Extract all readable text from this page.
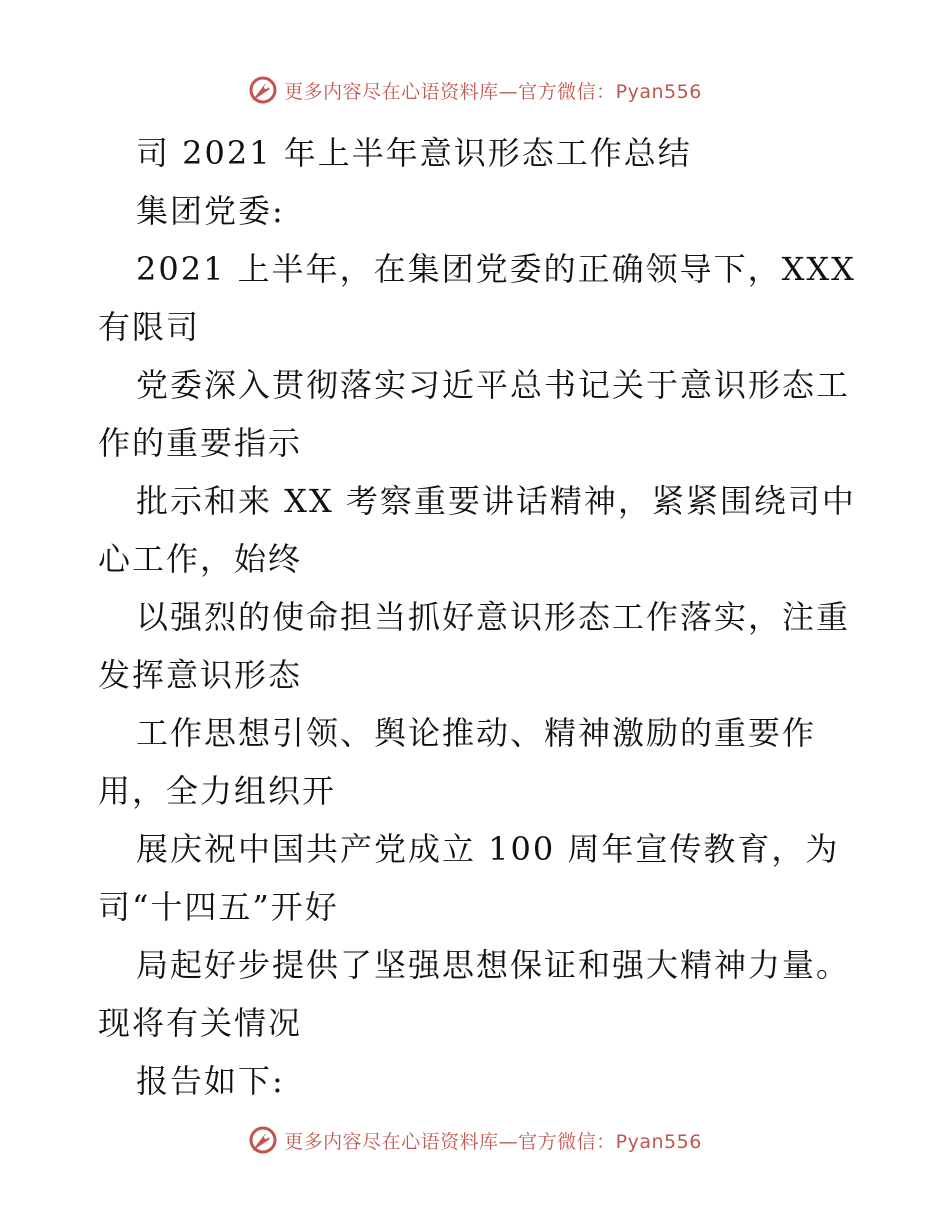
更多内容尽在心语资料库—官方微信：Pyan556
司 2021 年上半年意识形态工作总结
集团党委:
2021 上半年，在集团党委的正确领导下，XXX
有限司
党委深入贯彻落实习近平总书记关于意识形态工
作的重要指示
批示和来 XX 考察重要讲话精神，紧紧围绕司中
心工作，始终
以强烈的使命担当抓好意识形态工作落实，注重
发挥意识形态
工作思想引领、舆论推动、精神激励的重要作
用，全力组织开
展庆祝中国共产党成立 100 周年宣传教育，为
司“十四五”开好
局起好步提供了坚强思想保证和强大精神力量。
现将有关情况
报告如下:
更多内容尽在心语资料库—官方微信：Pyan556
